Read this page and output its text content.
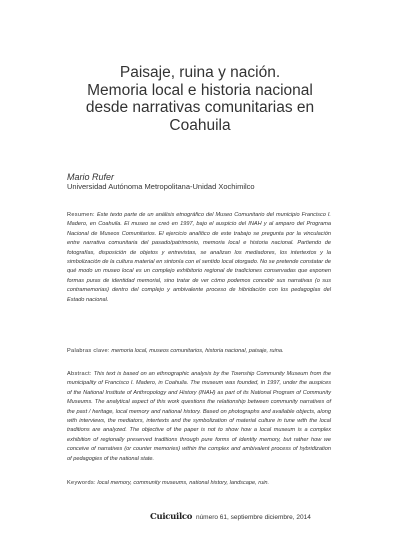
Paisaje, ruina y nación.
Memoria local e historia nacional
desde narrativas comunitarias en
Coahuila
Mario Rufer
Universidad Autónoma Metropolitana-Unidad Xochimilco

Resumen: Este texto parte de un análisis etnográfico del Museo Comunitario del municipio Francisco I. Madero, en Coahuila. El museo se creó en 1997, bajo el auspicio del INAH y al amparo del Programa Nacional de Museos Comunitarios. El ejercicio analítico de este trabajo se pregunta por la vinculación entre narrativa comunitaria del pasado/patrimonio, memoria local e historia nacional. Partiendo de fotografías, disposición de objetos y entrevistas, se analizan los mediadores, los intertextos y la simbolización de la cultura material en sintonía con el sentido local otorgado. No se pretende constatar de qué modo un museo local es un complejo exhibitorio regional de tradiciones conservadas que exponen formas puras de identidad memorial, sino tratar de ver cómo podemos concebir sus narrativas (o sus contramemorias) dentro del complejo y ambivalente proceso de hibridación con los pedagogías del Estado nacional.

Palabras clave: memoria local, museos comunitarios, historia nacional, paisaje, ruina.

Abstract: This text is based on an ethnographic analysis by the Township Community Museum from the municipality of Francisco I. Madero, in Coahuila. The museum was founded, in 1997, under the auspices of the National Institute of Anthropology and History (INAH) as part of its National Program of Community Museums. The analytical aspect of this work questions the relationship between community narratives of the past / heritage, local memory and national history. Based on photographs and available objects, along with interviews, the mediators, intertexts and the symbolization of material culture in tune with the local traditions are analyzed. The objective of the paper is not to show how a local museum is a complex exhibition of regionally preserved traditions through pure forms of identity memory, but rather how we conceive of narratives (or counter memories) within the complex and ambivalent process of hybridization of pedagogies of the national state.

Keywords: local memory, community museums, national history, landscape, ruin.

Cuicuilco número 61, septiembre diciembre, 2014
